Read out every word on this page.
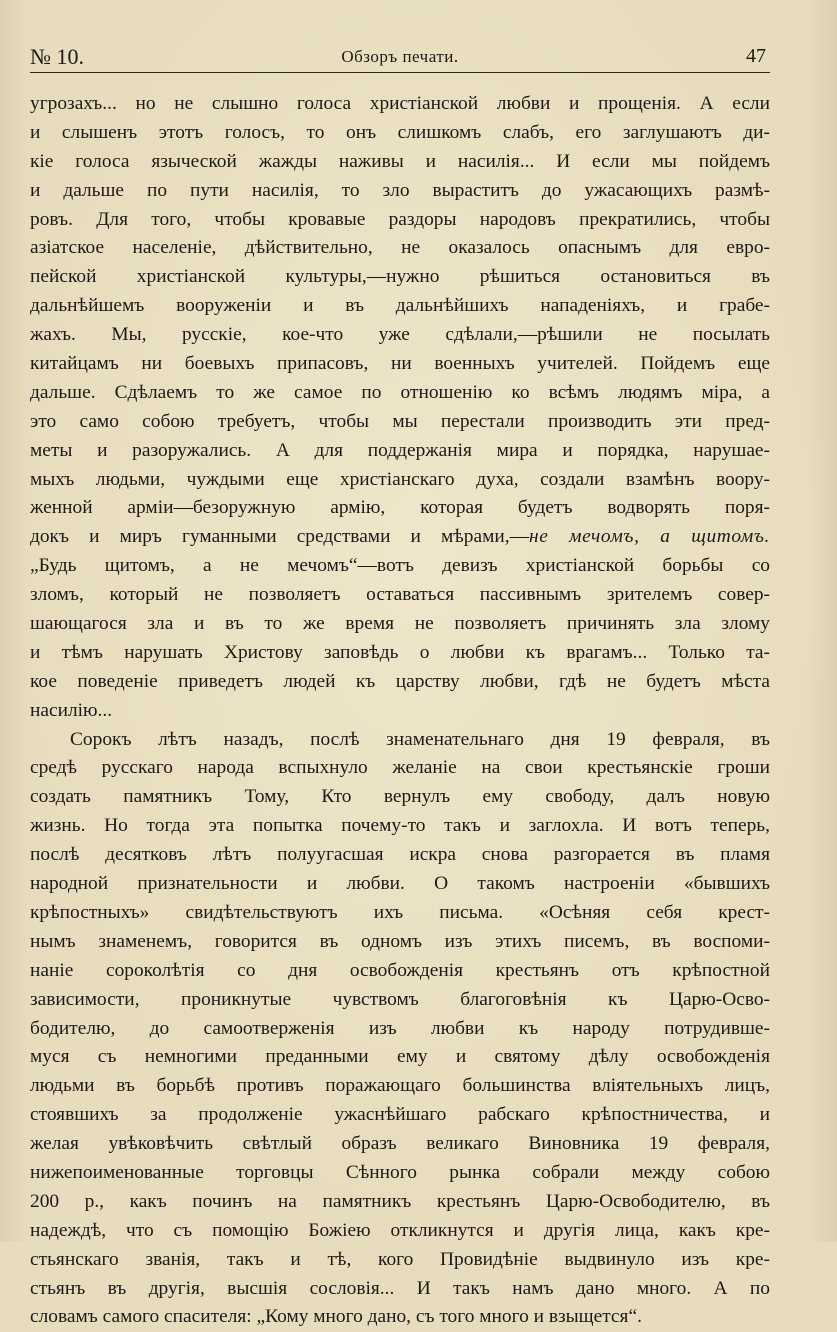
№ 10.	Обзоръ печати.	47
угрозахъ... но не слышно голоса христіанской любви и прощенія. А если
и слышенъ этотъ голосъ, то онъ слишкомъ слабъ, его заглушаютъ ди-
кіе голоса языческой жажды наживы и насилія... И если мы пойдемъ
и дальше по пути насилія, то зло выраститъ до ужасающихъ размѣ-
ровъ. Для того, чтобы кровавые раздоры народовъ прекратились, чтобы
азіатское населеніе, дѣйствительно, не оказалось опаснымъ для евро-
пейской христіанской культуры,—нужно рѣшиться остановиться въ
дальнѣйшемъ вооруженіи и въ дальнѣйшихъ нападеніяхъ, и грабе-
жахъ. Мы, русскіе, кое-что уже сдѣлали,—рѣшили не посылать
китайцамъ ни боевыхъ припасовъ, ни военныхъ учителей. Пойдемъ еще
дальше. Сдѣлаемъ то же самое по отношенію ко всѣмъ людямъ міра, а
это само собою требуетъ, чтобы мы перестали производить эти пред-
меты и разоружались. А для поддержанія мира и порядка, нарушае-
мыхъ людьми, чуждыми еще христіанскаго духа, создали взамѣнъ воору-
женной арміи—безоружную армію, которая будетъ водворять поря-
докъ и миръ гуманными средствами и мѣрами,—не мечомъ, а щитомъ.
„Будь щитомъ, а не мечомъ“—вотъ девизъ христіанской борьбы со
зломъ, который не позволяетъ оставаться пассивнымъ зрителемъ совер-
шающагося зла и въ то же время не позволяетъ причинять зла злому
и тѣмъ нарушать Христову заповѣдь о любви къ врагамъ... Только та-
кое поведеніе приведетъ людей къ царству любви, гдѣ не будетъ мѣста
насилію...
Сорокъ лѣтъ назадъ, послѣ знаменательнаго дня 19 февраля, въ
средѣ русскаго народа вспыхнуло желаніе на свои крестьянскіе гроши
создать памятникъ Тому, Кто вернулъ ему свободу, далъ новую
жизнь. Но тогда эта попытка почему-то такъ и заглохла. И вотъ теперь,
послѣ десятковъ лѣтъ полуугасшая искра снова разгорается въ пламя
народной признательности и любви. О такомъ настроеніи «бывшихъ
крѣпостныхъ» свидѣтельствуютъ ихъ письма. «Осѣняя себя крест-
нымъ знаменемъ, говорится въ одномъ изъ этихъ писемъ, въ воспоми-
наніе сороколѣтія со дня освобожденія крестьянъ отъ крѣпостной
зависимости, проникнутые чувствомъ благоговѣнія къ Царю-Осво-
бодителю, до самоотверженія изъ любви къ народу потрудивше-
муся съ немногими преданными ему и святому дѣлу освобожденія
людьми въ борьбѣ противъ поражающаго большинства вліятельныхъ лицъ,
стоявшихъ за продолженіе ужаснѣйшаго рабскаго крѣпостничества, и
желая увѣковѣчить свѣтлый образъ великаго Виновника 19 февраля,
нижепоименованные торговцы Сѣнного рынка собрали между собою
200 р., какъ починъ на памятникъ крестьянъ Царю-Освободителю, въ
надеждѣ, что съ помощію Божіею откликнутся и другія лица, какъ кре-
стьянскаго званія, такъ и тѣ, кого Провидѣніе выдвинуло изъ кре-
стьянъ въ другія, высшія сословія... И такъ намъ дано много. А по
словамъ самого спасителя: „Кому много дано, съ того много и взыщется“.
